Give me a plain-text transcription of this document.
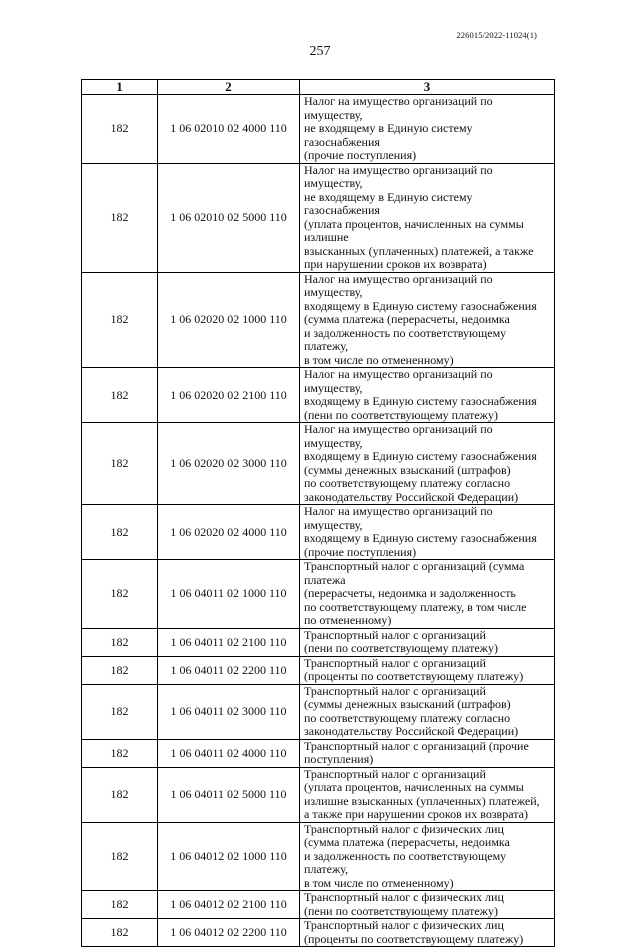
226015/2022-11024(1)
257
1	2	3
182	1 06 02010 02 4000 110	Налог на имущество организаций по имуществу,
не входящему в Единую систему газоснабжения
(прочие поступления)
182	1 06 02010 02 5000 110	Налог на имущество организаций по имуществу,
не входящему в Единую систему газоснабжения
(уплата процентов, начисленных на суммы излишне
взысканных (уплаченных) платежей, а также
при нарушении сроков их возврата)
182	1 06 02020 02 1000 110	Налог на имущество организаций по имуществу,
входящему в Единую систему газоснабжения
(сумма платежа (перерасчеты, недоимка
и задолженность по соответствующему платежу,
в том числе по отмененному)
182	1 06 02020 02 2100 110	Налог на имущество организаций по имуществу,
входящему в Единую систему газоснабжения
(пени по соответствующему платежу)
182	1 06 02020 02 3000 110	Налог на имущество организаций по имуществу,
входящему в Единую систему газоснабжения
(суммы денежных взысканий (штрафов)
по соответствующему платежу согласно
законодательству Российской Федерации)
182	1 06 02020 02 4000 110	Налог на имущество организаций по имуществу,
входящему в Единую систему газоснабжения
(прочие поступления)
182	1 06 04011 02 1000 110	Транспортный налог с организаций (сумма платежа
(перерасчеты, недоимка и задолженность
по соответствующему платежу, в том числе
по отмененному)
182	1 06 04011 02 2100 110	Транспортный налог с организаций
(пени по соответствующему платежу)
182	1 06 04011 02 2200 110	Транспортный налог с организаций
(проценты по соответствующему платежу)
182	1 06 04011 02 3000 110	Транспортный налог с организаций
(суммы денежных взысканий (штрафов)
по соответствующему платежу согласно
законодательству Российской Федерации)
182	1 06 04011 02 4000 110	Транспортный налог с организаций (прочие
поступления)
182	1 06 04011 02 5000 110	Транспортный налог с организаций
(уплата процентов, начисленных на суммы
излишне взысканных (уплаченных) платежей,
а также при нарушении сроков их возврата)
182	1 06 04012 02 1000 110	Транспортный налог с физических лиц
(сумма платежа (перерасчеты, недоимка
и задолженность по соответствующему платежу,
в том числе по отмененному)
182	1 06 04012 02 2100 110	Транспортный налог с физических лиц
(пени по соответствующему платежу)
182	1 06 04012 02 2200 110	Транспортный налог с физических лиц
(проценты по соответствующему платежу)
